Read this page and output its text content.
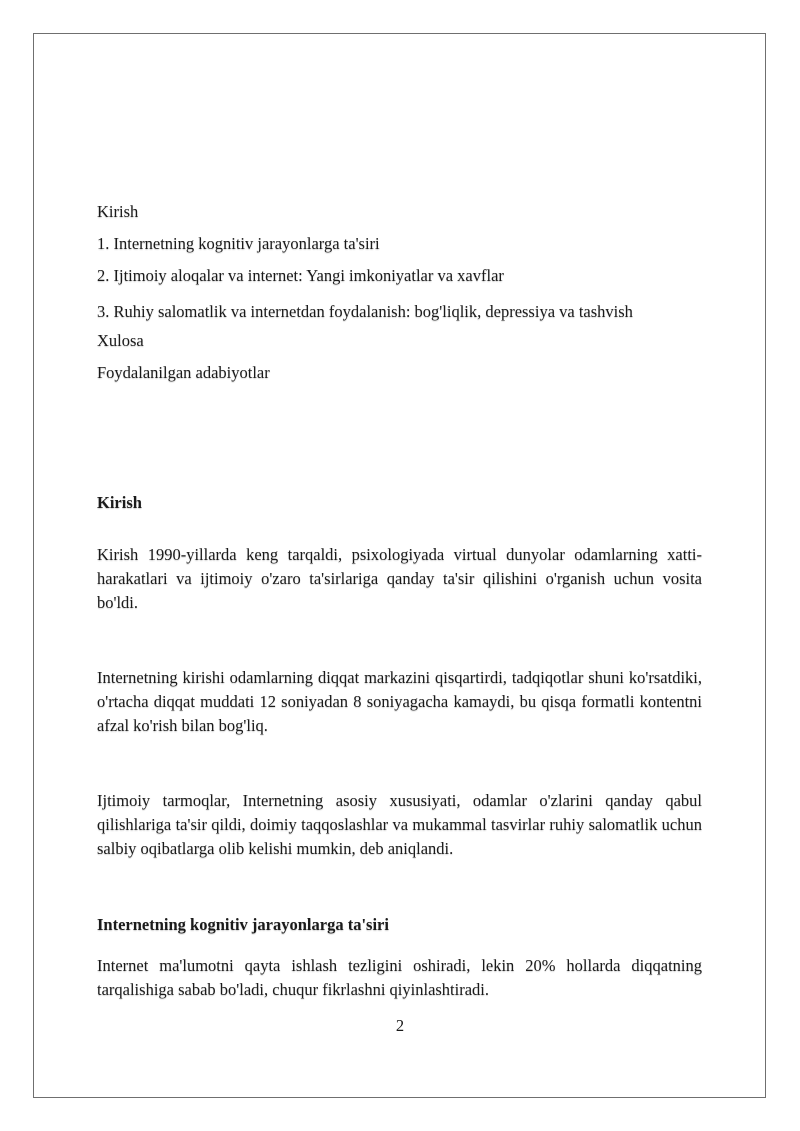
Kirish
1. Internetning kognitiv jarayonlarga ta'siri
2. Ijtimoiy aloqalar va internet: Yangi imkoniyatlar va xavflar
3. Ruhiy salomatlik va internetdan foydalanish: bog'liqlik, depressiya va tashvish
Xulosa
Foydalanilgan adabiyotlar

Kirish

Kirish 1990-yillarda keng tarqaldi, psixologiyada virtual dunyolar odamlarning xatti-harakatlari va ijtimoiy o'zaro ta'sirlariga qanday ta'sir qilishini o'rganish uchun vosita bo'ldi.

Internetning kirishi odamlarning diqqat markazini qisqartirdi, tadqiqotlar shuni ko'rsatdiki, o'rtacha diqqat muddati 12 soniyadan 8 soniyagacha kamaydi, bu qisqa formatli kontentni afzal ko'rish bilan bog'liq.

Ijtimoiy tarmoqlar, Internetning asosiy xususiyati, odamlar o'zlarini qanday qabul qilishlariga ta'sir qildi, doimiy taqqoslashlar va mukammal tasvirlar ruhiy salomatlik uchun salbiy oqibatlarga olib kelishi mumkin, deb aniqlandi.

Internetning kognitiv jarayonlarga ta'siri

Internet ma'lumotni qayta ishlash tezligini oshiradi, lekin 20% hollarda diqqatning tarqalishiga sabab bo'ladi, chuqur fikrlashni qiyinlashtiradi.

2
